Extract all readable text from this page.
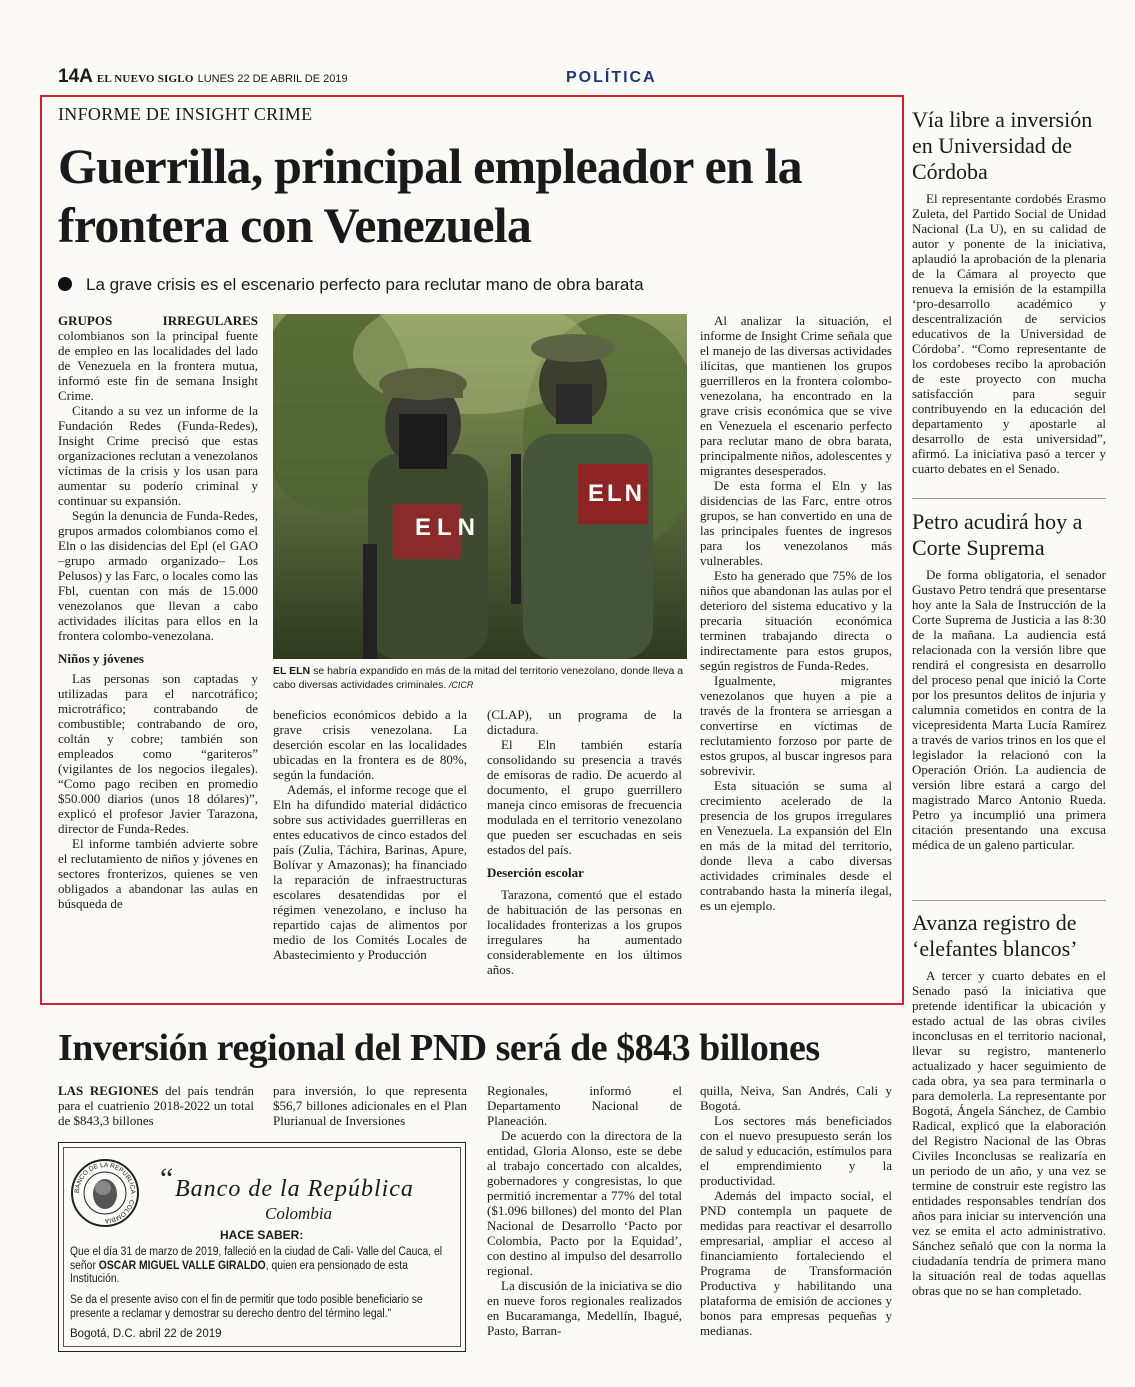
14A EL NUEVO SIGLO LUNES 22 DE ABRIL DE 2019	POLÍTICA
INFORME DE INSIGHT CRIME
Guerrilla, principal empleador en la frontera con Venezuela
La grave crisis es el escenario perfecto para reclutar mano de obra barata

GRUPOS IRREGULARES colombianos son la principal fuente de empleo en las localidades del lado de Venezuela en la frontera mutua, informó este fin de semana Insight Crime.

Citando a su vez un informe de la Fundación Redes (Funda-Redes), Insight Crime precisó que estas organizaciones reclutan a venezolanos víctimas de la crisis y los usan para aumentar su poderío criminal y continuar su expansión.

Según la denuncia de Funda-Redes, grupos armados colombianos como el Eln o las disidencias del Epl (el GAO –grupo armado organizado– Los Pelusos) y las Farc, o locales como las Fbl, cuentan con más de 15.000 venezolanos que llevan a cabo actividades ilícitas para ellos en la frontera colombo-venezolana.

Niños y jóvenes

Las personas son captadas y utilizadas para el narcotráfico; microtráfico; contrabando de combustible; contrabando de oro, coltán y cobre; también son empleados como “gariteros” (vigilantes de los negocios ilegales). “Como pago reciben en promedio $50.000 diarios (unos 18 dólares)”, explicó el profesor Javier Tarazona, director de Funda-Redes.

El informe también advierte sobre el reclutamiento de niños y jóvenes en sectores fronterizos, quienes se ven obligados a abandonar las aulas en búsqueda de

ELN
ELN
EL ELN se habría expandido en más de la mitad del territorio venezolano, donde lleva a cabo diversas actividades criminales. /CICR

beneficios económicos debido a la grave crisis venezolana. La deserción escolar en las localidades ubicadas en la frontera es de 80%, según la fundación.

Además, el informe recoge que el Eln ha difundido material didáctico sobre sus actividades guerrilleras en entes educativos de cinco estados del país (Zulia, Táchira, Barinas, Apure, Bolívar y Amazonas); ha financiado la reparación de infraestructuras escolares desatendidas por el régimen venezolano, e incluso ha repartido cajas de alimentos por medio de los Comités Locales de Abastecimiento y Producción

(CLAP), un programa de la dictadura.

El Eln también estaría consolidando su presencia a través de emisoras de radio. De acuerdo al documento, el grupo guerrillero maneja cinco emisoras de frecuencia modulada en el territorio venezolano que pueden ser escuchadas en seis estados del país.

Deserción escolar

Tarazona, comentó que el estado de habituación de las personas en localidades fronterizas a los grupos irregulares ha aumentado considerablemente en los últimos años.

Al analizar la situación, el informe de Insight Crime señala que el manejo de las diversas actividades ilícitas, que mantienen los grupos guerrilleros en la frontera colombo-venezolana, ha encontrado en la grave crisis económica que se vive en Venezuela el escenario perfecto para reclutar mano de obra barata, principalmente niños, adolescentes y migrantes desesperados.

De esta forma el Eln y las disidencias de las Farc, entre otros grupos, se han convertido en una de las principales fuentes de ingresos para los venezolanos más vulnerables.

Esto ha generado que 75% de los niños que abandonan las aulas por el deterioro del sistema educativo y la precaria situación económica terminen trabajando directa o indirectamente para estos grupos, según registros de Funda-Redes.

Igualmente, migrantes venezolanos que huyen a pie a través de la frontera se arriesgan a convertirse en víctimas de reclutamiento forzoso por parte de estos grupos, al buscar ingresos para sobrevivir.

Esta situación se suma al crecimiento acelerado de la presencia de los grupos irregulares en Venezuela. La expansión del Eln en más de la mitad del territorio, donde lleva a cabo diversas actividades criminales desde el contrabando hasta la minería ilegal, es un ejemplo.

Vía libre a inversión en Universidad de Córdoba

El representante cordobés Erasmo Zuleta, del Partido Social de Unidad Nacional (La U), en su calidad de autor y ponente de la iniciativa, aplaudió la aprobación de la plenaria de la Cámara al proyecto que renueva la emisión de la estampilla ‘pro-desarrollo académico y descentralización de servicios educativos de la Universidad de Córdoba’. “Como representante de los cordobeses recibo la aprobación de este proyecto con mucha satisfacción para seguir contribuyendo en la educación del departamento y apostarle al desarrollo de esta universidad”, afirmó. La iniciativa pasó a tercer y cuarto debates en el Senado.

Petro acudirá hoy a Corte Suprema

De forma obligatoria, el senador Gustavo Petro tendrá que presentarse hoy ante la Sala de Instrucción de la Corte Suprema de Justicia a las 8:30 de la mañana. La audiencia está relacionada con la versión libre que rendirá el congresista en desarrollo del proceso penal que inició la Corte por los presuntos delitos de injuria y calumnia cometidos en contra de la vicepresidenta Marta Lucía Ramírez a través de varios trinos en los que el legislador la relacionó con la Operación Orión. La audiencia de versión libre estará a cargo del magistrado Marco Antonio Rueda. Petro ya incumplió una primera citación presentando una excusa médica de un galeno particular.

Avanza registro de ‘elefantes blancos’

A tercer y cuarto debates en el Senado pasó la iniciativa que pretende identificar la ubicación y estado actual de las obras civiles inconclusas en el territorio nacional, llevar su registro, mantenerlo actualizado y hacer seguimiento de cada obra, ya sea para terminarla o para demolerla. La representante por Bogotá, Ángela Sánchez, de Cambio Radical, explicó que la elaboración del Registro Nacional de las Obras Civiles Inconclusas se realizaría en un periodo de un año, y una vez se termine de construir este registro las entidades responsables tendrían dos años para iniciar su intervención una vez se emita el acto administrativo. Sánchez señaló que con la norma la ciudadanía tendría de primera mano la situación real de todas aquellas obras que no se han completado.

Inversión regional del PND será de $843 billones

LAS REGIONES del país tendrán para el cuatrienio 2018-2022 un total de $843,3 billones

para inversión, lo que representa $56,7 billones adicionales en el Plan Plurianual de Inversiones

Regionales, informó el Departamento Nacional de Planeación.

De acuerdo con la directora de la entidad, Gloria Alonso, este se debe al trabajo concertado con alcaldes, gobernadores y congresistas, lo que permitió incrementar a 77% del total ($1.096 billones) del monto del Plan Nacional de Desarrollo ‘Pacto por Colombia, Pacto por la Equidad’, con destino al impulso del desarrollo regional.

La discusión de la iniciativa se dio en nueve foros regionales realizados en Bucaramanga, Medellín, Ibagué, Pasto, Barran-

quilla, Neiva, San Andrés, Cali y Bogotá.

Los sectores más beneficiados con el nuevo presupuesto serán los de salud y educación, estímulos para el emprendimiento y la productividad.

Además del impacto social, el PND contempla un paquete de medidas para reactivar el desarrollo empresarial, ampliar el acceso al financiamiento fortaleciendo el Programa de Transformación Productiva y habilitando una plataforma de emisión de acciones y bonos para empresas pequeñas y medianas.

BANCO DE LA REPUBLICA · COLOMBIA
“ Banco de la República
Colombia
HACE SABER:
Que el día 31 de marzo de 2019, falleció en la ciudad de Cali- Valle del Cauca, el señor OSCAR MIGUEL VALLE GIRALDO, quien era pensionado de esta Institución.
Se da el presente aviso con el fin de permitir que todo posible beneficiario se presente a reclamar y demostrar su derecho dentro del término legal."
Bogotá, D.C. abril 22 de 2019
